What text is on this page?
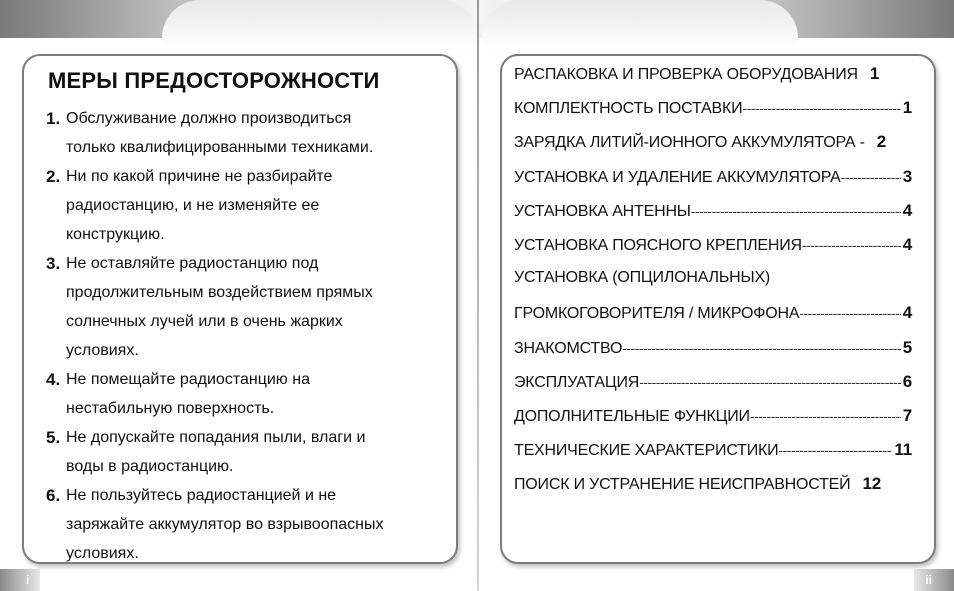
i	ii
МЕРЫ ПРЕДОСТОРОЖНОСТИ
1. Обслуживание должно производиться
только квалифицированными техниками.
2. Ни по какой причине не разбирайте
радиостанцию, и не изменяйте ее
конструкцию.
3. Не оставляйте радиостанцию под
продолжительным воздействием прямых
солнечных лучей или в очень жарких
условиях.
4. Не помещайте радиостанцию на
нестабильную поверхность.
5. Не допускайте попадания пыли, влаги и
воды в радиостанцию.
6. Не пользуйтесь радиостанцией и не
заряжайте аккумулятор во взрывоопасных
условиях.
РАСПАКОВКА И ПРОВЕРКА ОБОРУДОВАНИЯ 1
КОМПЛЕКТНОСТЬ ПОСТАВКИ -----	1
ЗАРЯДКА ЛИТИЙ-ИОННОГО АККУМУЛЯТОРА - 2
УСТАНОВКА И УДАЛЕНИЕ АККУМУЛЯТОРА -----	3
УСТАНОВКА АНТЕННЫ -----	4
УСТАНОВКА ПОЯСНОГО КРЕПЛЕНИЯ -----	4
УСТАНОВКА (ОПЦИЛОНАЛЬНЫХ)
ГРОМКОГОВОРИТЕЛЯ / МИКРОФОНА -----	4
ЗНАКОМСТВО -----	5
ЭКСПЛУАТАЦИЯ -----	6
ДОПОЛНИТЕЛЬНЫЕ ФУНКЦИИ -----	7
ТЕХНИЧЕСКИЕ ХАРАКТЕРИСТИКИ -----	11
ПОИСК И УСТРАНЕНИЕ НЕИСПРАВНОСТЕЙ 12
